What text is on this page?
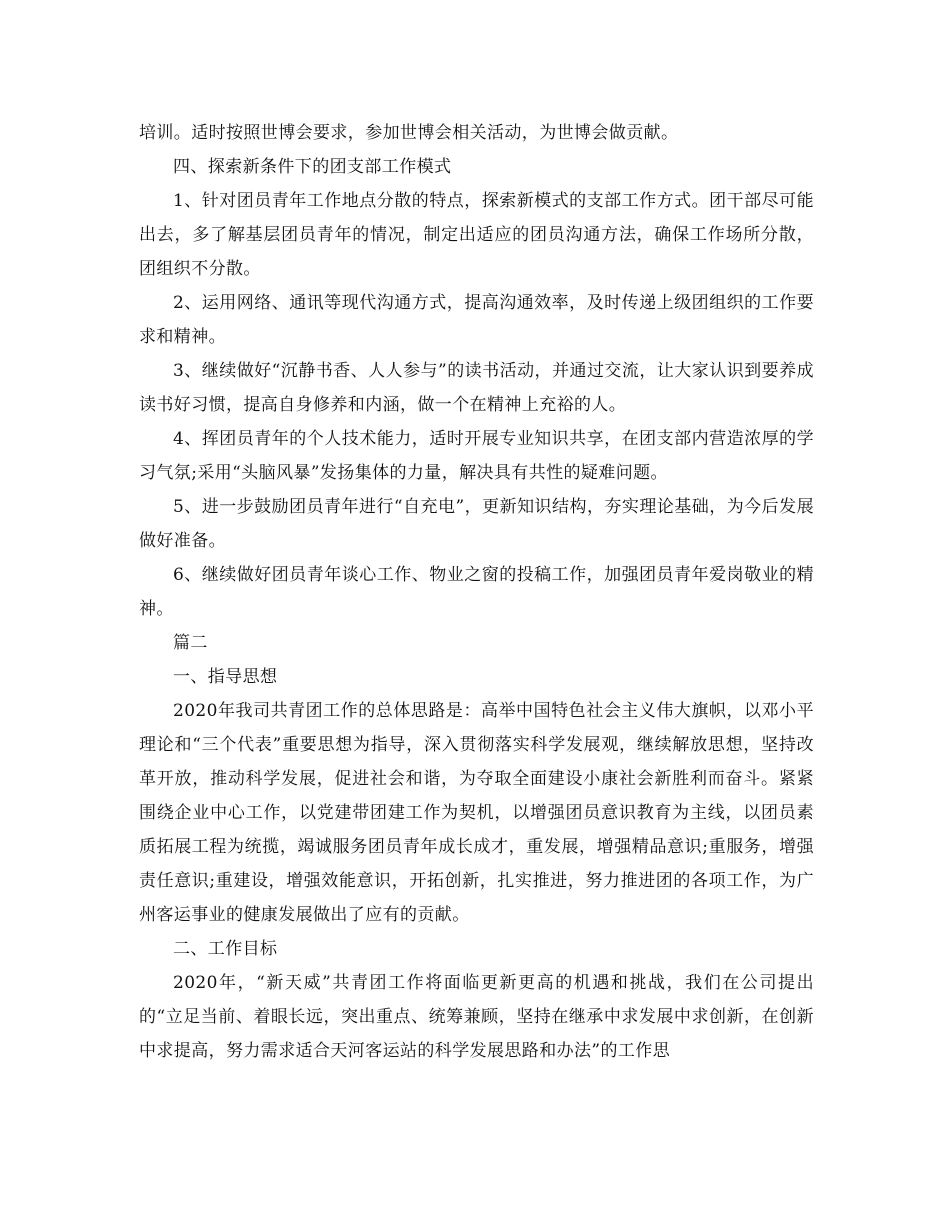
培训。适时按照世博会要求，参加世博会相关活动，为世博会做贡献。

四、探索新条件下的团支部工作模式

1、针对团员青年工作地点分散的特点，探索新模式的支部工作方式。团干部尽可能出去，多了解基层团员青年的情况，制定出适应的团员沟通方法，确保工作场所分散，团组织不分散。

2、运用网络、通讯等现代沟通方式，提高沟通效率，及时传递上级团组织的工作要求和精神。

3、继续做好“沉静书香、人人参与”的读书活动，并通过交流，让大家认识到要养成读书好习惯，提高自身修养和内涵，做一个在精神上充裕的人。

4、挥团员青年的个人技术能力，适时开展专业知识共享，在团支部内营造浓厚的学习气氛;采用“头脑风暴”发扬集体的力量，解决具有共性的疑难问题。

5、进一步鼓励团员青年进行“自充电”，更新知识结构，夯实理论基础，为今后发展做好准备。

6、继续做好团员青年谈心工作、物业之窗的投稿工作，加强团员青年爱岗敬业的精神。

篇二

一、指导思想

2020年我司共青团工作的总体思路是：高举中国特色社会主义伟大旗帜，以邓小平理论和“三个代表”重要思想为指导，深入贯彻落实科学发展观，继续解放思想，坚持改革开放，推动科学发展，促进社会和谐，为夺取全面建设小康社会新胜利而奋斗。紧紧围绕企业中心工作，以党建带团建工作为契机，以增强团员意识教育为主线，以团员素质拓展工程为统揽，竭诚服务团员青年成长成才，重发展，增强精品意识;重服务，增强责任意识;重建设，增强效能意识，开拓创新，扎实推进，努力推进团的各项工作，为广州客运事业的健康发展做出了应有的贡献。

二、工作目标

2020年，“新天威”共青团工作将面临更新更高的机遇和挑战，我们在公司提出的“立足当前、着眼长远，突出重点、统筹兼顾，坚持在继承中求发展中求创新，在创新中求提高，努力需求适合天河客运站的科学发展思路和办法”的工作思
